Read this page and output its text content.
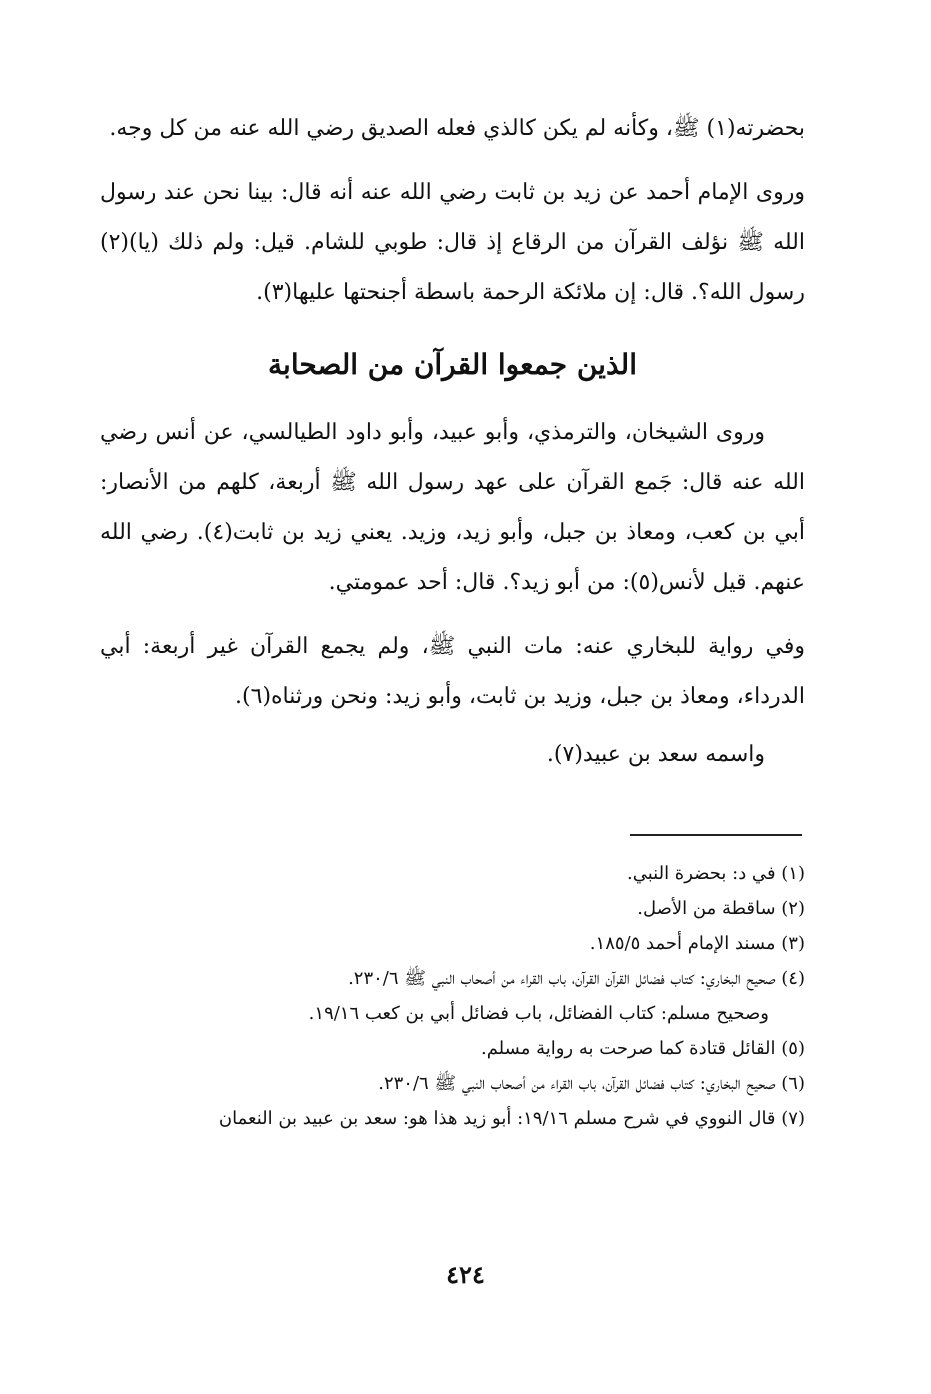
بحضرته(١) ﷺ، وكأنه لم يكن كالذي فعله الصديق رضي الله عنه من كل وجه.

وروى الإمام أحمد عن زيد بن ثابت رضي الله عنه أنه قال: بينا نحن عند رسول الله ﷺ نؤلف القرآن من الرقاع إذ قال: طوبي للشام. قيل: ولم ذلك (يا)(٢) رسول الله؟. قال: إن ملائكة الرحمة باسطة أجنحتها عليها(٣).

الذين جمعوا القرآن من الصحابة

وروى الشيخان، والترمذي، وأبو عبيد، وأبو داود الطيالسي، عن أنس رضي الله عنه قال: جَمع القرآن على عهد رسول الله ﷺ أربعة، كلهم من الأنصار: أبي بن كعب، ومعاذ بن جبل، وأبو زيد، وزيد. يعني زيد بن ثابت(٤). رضي الله عنهم. قيل لأنس(٥): من أبو زيد؟. قال: أحد عمومتي.

وفي رواية للبخاري عنه: مات النبي ﷺ، ولم يجمع القرآن غير أربعة: أبي الدرداء، ومعاذ بن جبل، وزيد بن ثابت، وأبو زيد: ونحن ورثناه(٦).

واسمه سعد بن عبيد(٧).

(١) في د: بحضرة النبي.

(٢) ساقطة من الأصل.

(٣) مسند الإمام أحمد ١٨٥/٥.

(٤) صحيح البخاري: كتاب فضائل القرآن القرآن، باب القراء من أصحاب النبي ﷺ ٢٣٠/٦.

وصحيح مسلم: كتاب الفضائل، باب فضائل أبي بن كعب ١٩/١٦.

(٥) القائل قتادة كما صرحت به رواية مسلم.

(٦) صحيح البخاري: كتاب فضائل القرآن، باب القراء من أصحاب النبي ﷺ ٢٣٠/٦.

(٧) قال النووي في شرح مسلم ١٩/١٦: أبو زيد هذا هو: سعد بن عبيد بن النعمان

٤٢٤
